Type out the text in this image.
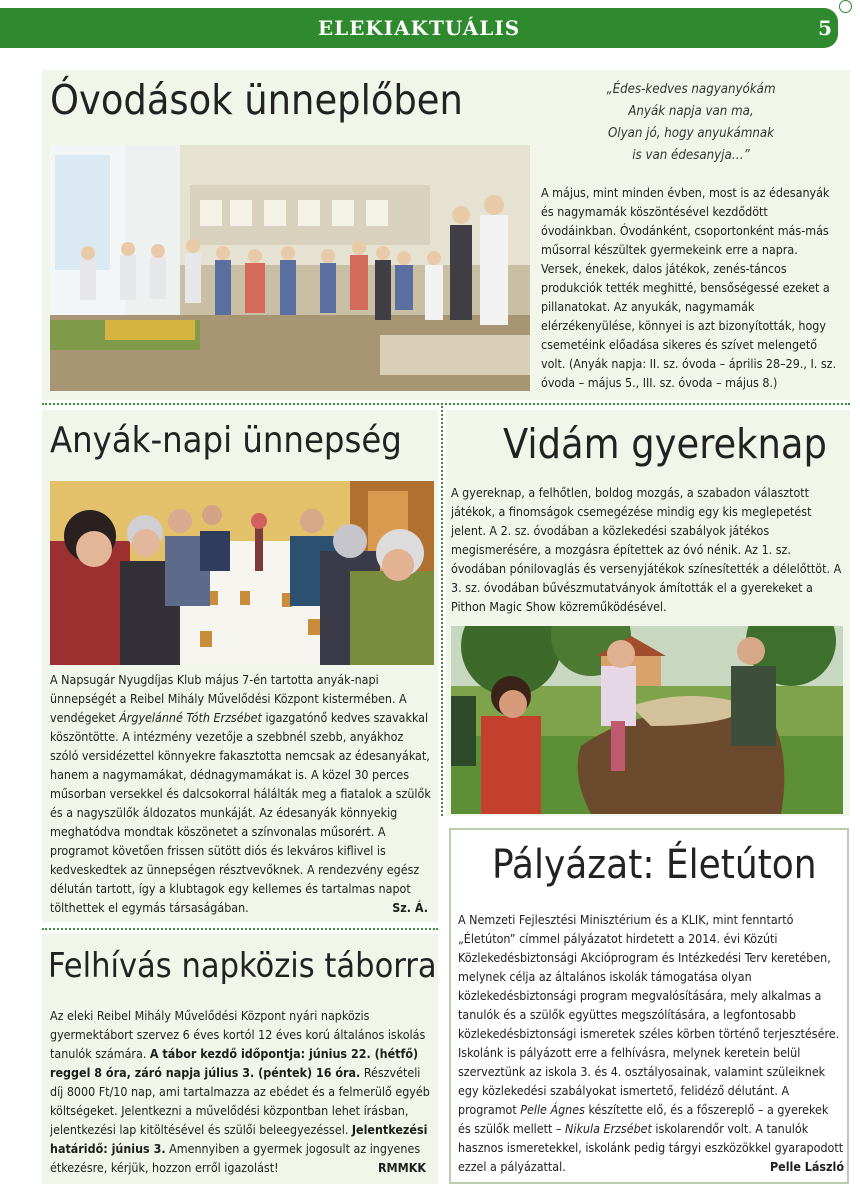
ELEKIAKTUÁLIS	5
Óvodások ünneplőben	„Édes-kedves nagyanyókám
Anyák napja van ma,
Olyan jó, hogy anyukámnak
is van édesanyja…”
A május, mint minden évben, most is az édesanyák és nagymamák köszöntésével kezdődött óvodáinkban. Óvodánként, csoportonként más-más műsorral készültek gyermekeink erre a napra. Versek, énekek, dalos játékok, zenés-táncos produkciók tették meghitté, bensőségessé ezeket a pillanatokat. Az anyukák, nagymamák elérzékenyülése, könnyei is azt bizonyították, hogy csemetéink előadása sikeres és szívet melengető volt. (Anyák napja: II. sz. óvoda – április 28–29., I. sz. óvoda – május 5., III. sz. óvoda – május 8.)
Anyák-napi ünnepség
A Napsugár Nyugdíjas Klub május 7-én tartotta anyák-napi ünnepségét a Reibel Mihály Művelődési Központ kistermében. A vendégeket Árgyelánné Tóth Erzsébet igazgatónő kedves szavakkal köszöntötte. A intézmény vezetője a szebbnél szebb, anyákhoz szóló versidézettel könnyekre fakasztotta nemcsak az édesanyákat, hanem a nagymamákat, dédnagymamákat is. A közel 30 perces műsorban versekkel és dalcsokorral hálálták meg a fiatalok a szülők és a nagyszülők áldozatos munkáját. Az édesanyák könnyekig meghatódva mondtak köszönetet a színvonalas műsorért. A programot követően frissen sütött diós és lekváros kiflivel is kedveskedtek az ünnepségen résztvevőknek. A rendezvény egész délután tartott, így a klubtagok egy kellemes és tartalmas napot tölthettek el egymás társaságában.	Sz. Á.
Felhívás napközis táborra
Az eleki Reibel Mihály Művelődési Központ nyári napközis gyermektábort szervez 6 éves kortól 12 éves korú általános iskolás tanulók számára. A tábor kezdő időpontja: június 22. (hétfő) reggel 8 óra, záró napja július 3. (péntek) 16 óra. Részvételi díj 8000 Ft/10 nap, ami tartalmazza az ebédet és a felmerülő egyéb költségeket. Jelentkezni a művelődési központban lehet írásban, jelentkezési lap kitöltésével és szülői beleegyezéssel. Jelentkezési határidő: június 3. Amennyiben a gyermek jogosult az ingyenes étkezésre, kérjük, hozzon erről igazolást!	RMMKK
Vidám gyereknap
A gyereknap, a felhőtlen, boldog mozgás, a szabadon választott játékok, a finomságok csemegézése mindig egy kis meglepetést jelent. A 2. sz. óvodában a közlekedési szabályok játékos megismerésére, a mozgásra építettek az óvó nénik. Az 1. sz. óvodában pónilovaglás és versenyjátékok színesítették a délelőttöt. A 3. sz. óvodában bűvészmutatványok ámították el a gyerekeket a Pithon Magic Show közreműködésével.
Pályázat: Életúton
A Nemzeti Fejlesztési Minisztérium és a KLIK, mint fenntartó „Életúton” címmel pályázatot hirdetett a 2014. évi Közúti Közlekedésbiztonsági Akcióprogram és Intézkedési Terv keretében, melynek célja az általános iskolák támogatása olyan közlekedésbiztonsági program megvalósítására, mely alkalmas a tanulók és a szülők együttes megszólítására, a legfontosabb közlekedésbiztonsági ismeretek széles körben történő terjesztésére. Iskolánk is pályázott erre a felhívásra, melynek keretein belül szerveztünk az iskola 3. és 4. osztályosainak, valamint szüleiknek egy közlekedési szabályokat ismertető, felidéző délutánt. A programot Pelle Ágnes készítette elő, és a főszereplő – a gyerekek és szülők mellett – Nikula Erzsébet iskolarendőr volt. A tanulók hasznos ismeretekkel, iskolánk pedig tárgyi eszközökkel gyarapodott ezzel a pályázattal.	Pelle László
